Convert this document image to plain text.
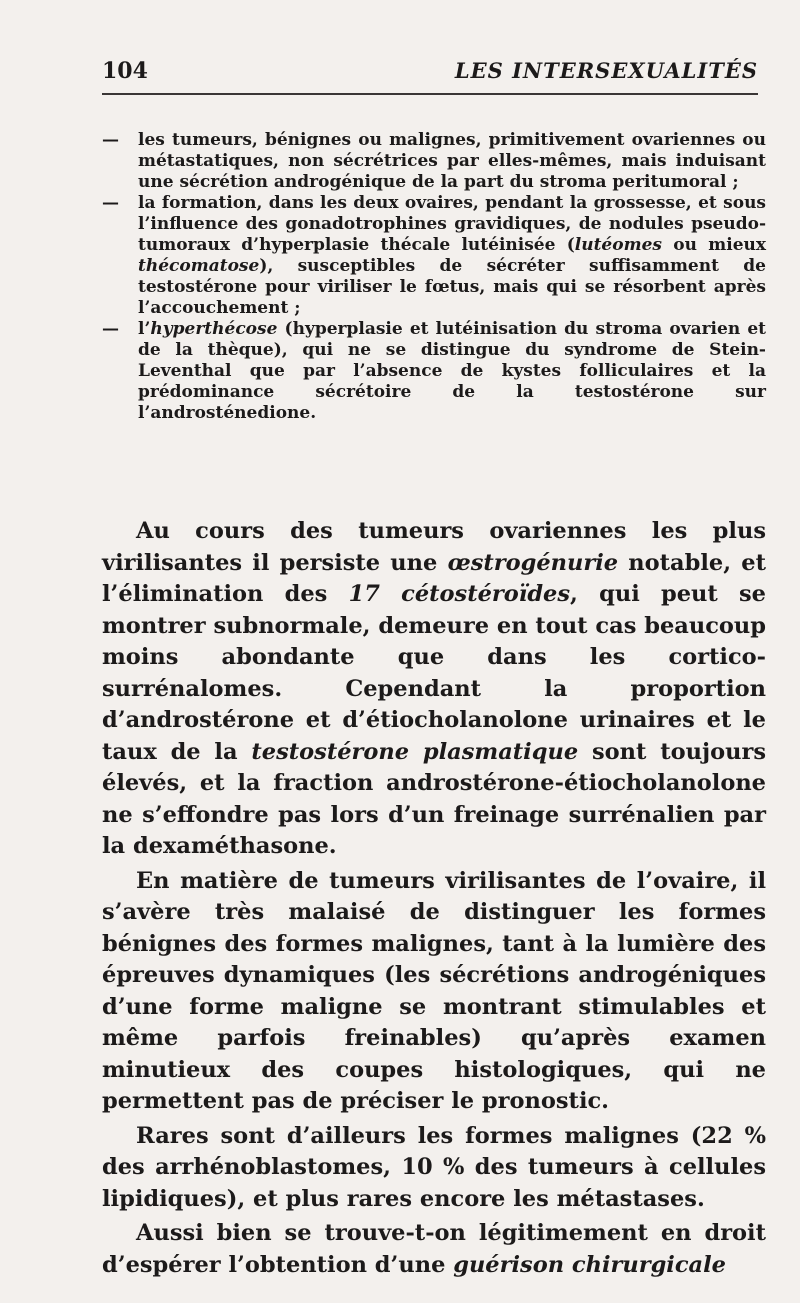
104	LES INTERSEXUALITÉS

— les tumeurs, bénignes ou malignes, primitivement ovariennes ou métastatiques, non sécrétrices par elles-mêmes, mais induisant une sécrétion androgénique de la part du stroma peritumoral ;

— la formation, dans les deux ovaires, pendant la grossesse, et sous l’influence des gonadotrophines gravidiques, de nodules pseudo-tumoraux d’hyperplasie thécale lutéinisée (lutéomes ou mieux thécomatose), susceptibles de sécréter suffisamment de testostérone pour viriliser le fœtus, mais qui se résorbent après l’accouchement ;

— l’hyperthécose (hyperplasie et lutéinisation du stroma ovarien et de la thèque), qui ne se distingue du syndrome de Stein-Leventhal que par l’absence de kystes folliculaires et la prédominance sécrétoire de la testostérone sur l’androsténedione.

Au cours des tumeurs ovariennes les plus virilisantes il persiste une œstrogénurie notable, et l’élimination des 17 cétostéroïdes, qui peut se montrer subnormale, demeure en tout cas beaucoup moins abondante que dans les cortico-surrénalomes. Cependant la proportion d’androstérone et d’étiocholanolone urinaires et le taux de la testostérone plasmatique sont toujours élevés, et la fraction androstérone-étiocholanolone ne s’effondre pas lors d’un freinage surrénalien par la dexaméthasone.

En matière de tumeurs virilisantes de l’ovaire, il s’avère très malaisé de distinguer les formes bénignes des formes malignes, tant à la lumière des épreuves dynamiques (les sécrétions androgéniques d’une forme maligne se montrant stimulables et même parfois freinables) qu’après examen minutieux des coupes histologiques, qui ne permettent pas de préciser le pronostic.

Rares sont d’ailleurs les formes malignes (22 % des arrhénoblastomes, 10 % des tumeurs à cellules lipidiques), et plus rares encore les métastases.

Aussi bien se trouve-t-on légitimement en droit d’espérer l’obtention d’une guérison chirurgicale
